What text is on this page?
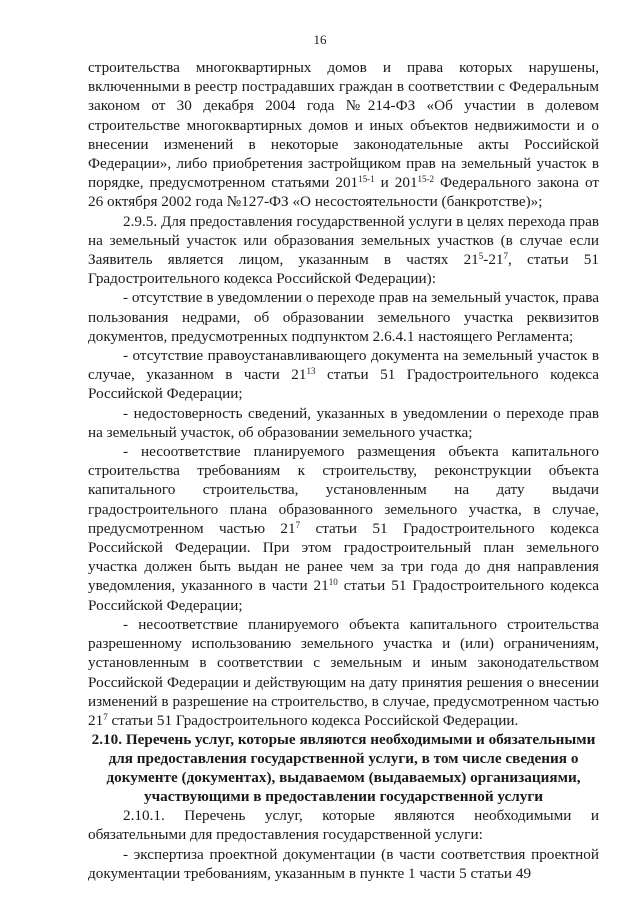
16

строительства многоквартирных домов и права которых нарушены, включенными в реестр пострадавших граждан в соответствии с Федеральным законом от 30 декабря 2004 года №214-ФЗ «Об участии в долевом строительстве многоквартирных домов и иных объектов недвижимости и о внесении изменений в некоторые законодательные акты Российской Федерации», либо приобретения застройщиком прав на земельный участок в порядке, предусмотренном статьями 201$^{15-1}$ и 201$^{15-2}$ Федерального закона от 26 октября 2002 года №127-ФЗ «О несостоятельности (банкротстве)»;

2.9.5. Для предоставления государственной услуги в целях перехода прав на земельный участок или образования земельных участков (в случае если Заявитель является лицом, указанным в частях $21^5-21^7$, статьи 51 Градостроительного кодекса Российской Федерации):

- отсутствие в уведомлении о переходе прав на земельный участок, права пользования недрами, об образовании земельного участка реквизитов документов, предусмотренных подпунктом 2.6.4.1 настоящего Регламента;

- отсутствие правоустанавливающего документа на земельный участок в случае, указанном в части $21^{13}$ статьи 51 Градостроительного кодекса Российской Федерации;

- недостоверность сведений, указанных в уведомлении о переходе прав на земельный участок, об образовании земельного участка;

- несоответствие планируемого размещения объекта капитального строительства требованиям к строительству, реконструкции объекта капитального строительства, установленным на дату выдачи градостроительного плана образованного земельного участка, в случае, предусмотренном частью $21^7$ статьи 51 Градостроительного кодекса Российской Федерации. При этом градостроительный план земельного участка должен быть выдан не ранее чем за три года до дня направления уведомления, указанного в части $21^{10}$ статьи 51 Градостроительного кодекса Российской Федерации;

- несоответствие планируемого объекта капитального строительства разрешенному использованию земельного участка и (или) ограничениям, установленным в соответствии с земельным и иным законодательством Российской Федерации и действующим на дату принятия решения о внесении изменений в разрешение на строительство, в случае, предусмотренном частью $21^7$ статьи 51 Градостроительного кодекса Российской Федерации.

2.10. Перечень услуг, которые являются необходимыми и обязательными для предоставления государственной услуги, в том числе сведения о документе (документах), выдаваемом (выдаваемых) организациями, участвующими в предоставлении государственной услуги

2.10.1. Перечень услуг, которые являются необходимыми и обязательными для предоставления государственной услуги:

- экспертиза проектной документации (в части соответствия проектной документации требованиям, указанным в пункте 1 части 5 статьи 49
